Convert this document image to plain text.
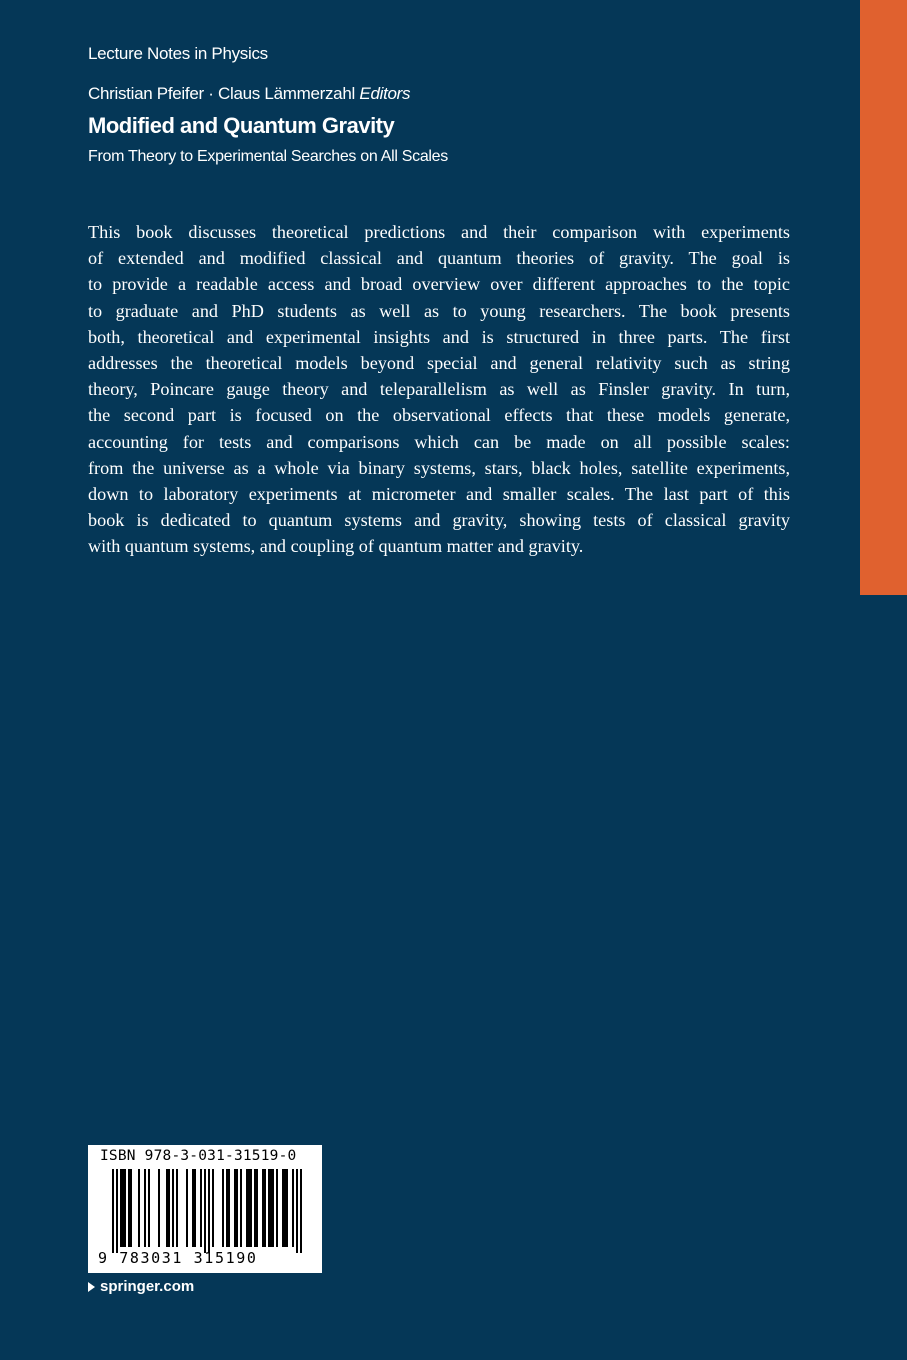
Lecture Notes in Physics
Christian Pfeifer · Claus Lämmerzahl Editors
Modified and Quantum Gravity
From Theory to Experimental Searches on All Scales
This book discusses theoretical predictions and their comparison with experiments
of extended and modified classical and quantum theories of gravity. The goal is
to provide a readable access and broad overview over different approaches to the topic
to graduate and PhD students as well as to young researchers. The book presents
both, theoretical and experimental insights and is structured in three parts. The first
addresses the theoretical models beyond special and general relativity such as string
theory, Poincare gauge theory and teleparallelism as well as Finsler gravity. In turn,
the second part is focused on the observational effects that these models generate,
accounting for tests and comparisons which can be made on all possible scales:
from the universe as a whole via binary systems, stars, black holes, satellite experiments,
down to laboratory experiments at micrometer and smaller scales. The last part of this
book is dedicated to quantum systems and gravity, showing tests of classical gravity
with quantum systems, and coupling of quantum matter and gravity.
ISBN 978-3-031-31519-0
9 783031 315190
springer.com
